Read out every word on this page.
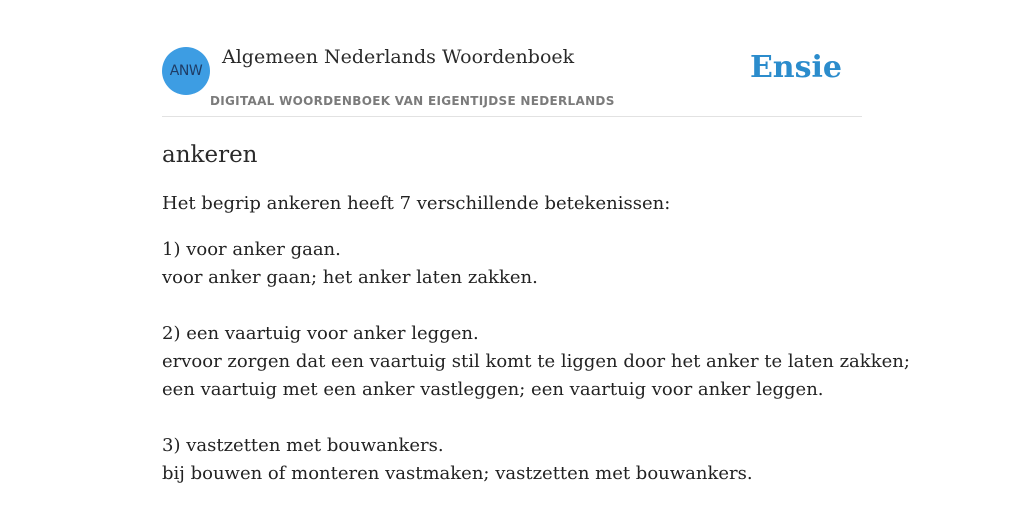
ANW
Algemeen Nederlands Woordenboek
DIGITAAL WOORDENBOEK VAN EIGENTIJDSE NEDERLANDS
Ensie
ankeren
Het begrip ankeren heeft 7 verschillende betekenissen:
1) voor anker gaan.
voor anker gaan; het anker laten zakken.
2) een vaartuig voor anker leggen.
ervoor zorgen dat een vaartuig stil komt te liggen door het anker te laten zakken;
een vaartuig met een anker vastleggen; een vaartuig voor anker leggen.
3) vastzetten met bouwankers.
bij bouwen of monteren vastmaken; vastzetten met bouwankers.
